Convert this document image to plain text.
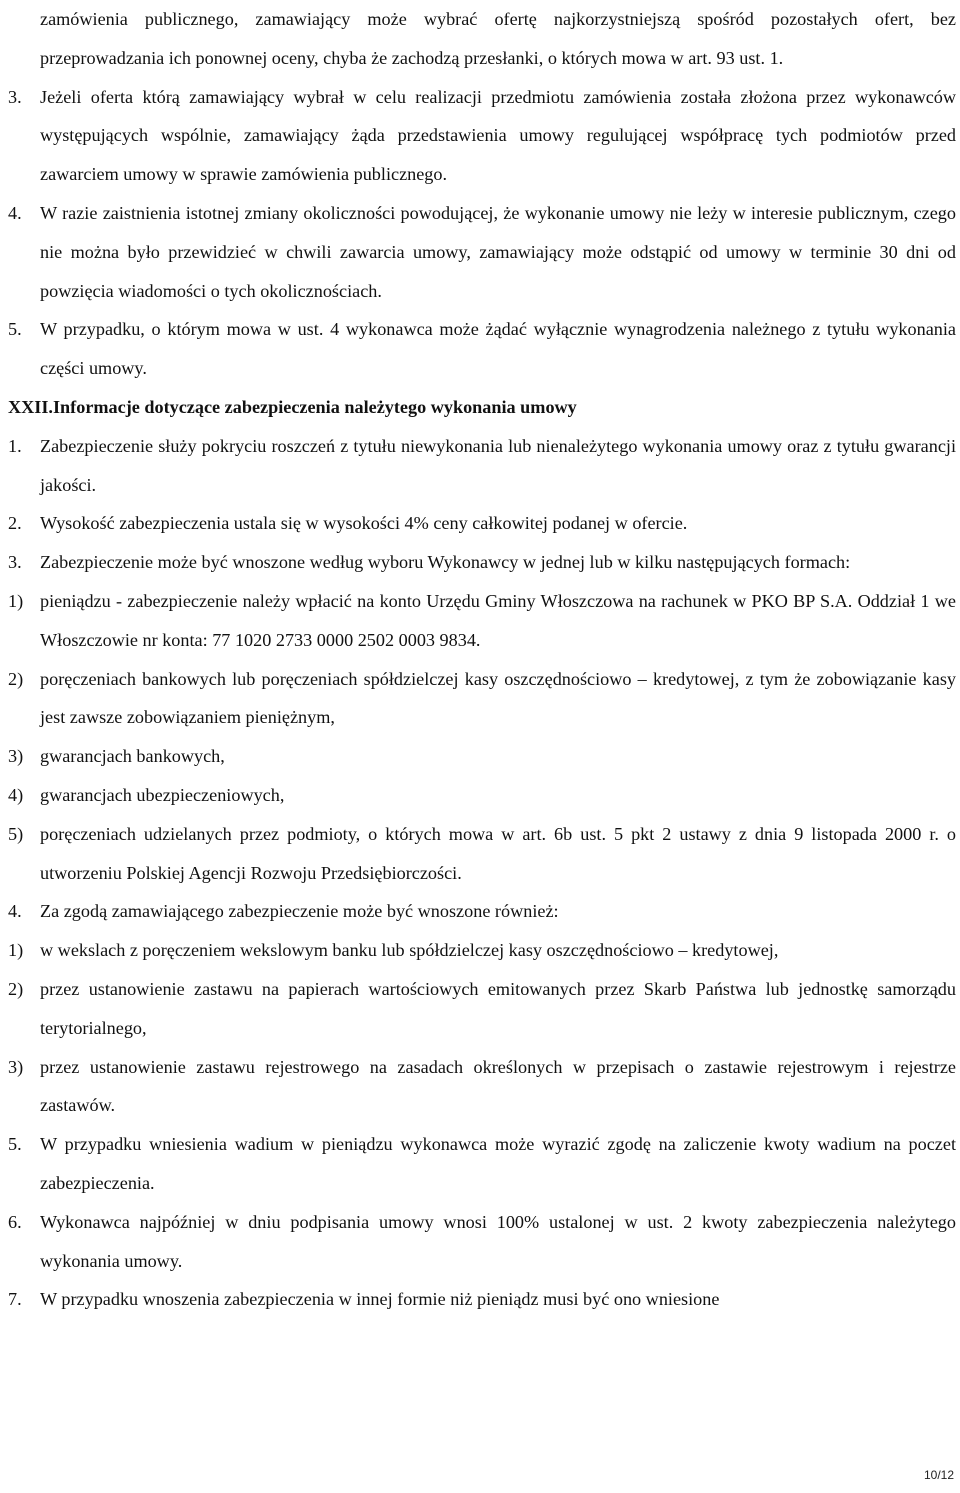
zamówienia publicznego, zamawiający może wybrać ofertę najkorzystniejszą spośród pozostałych ofert, bez przeprowadzania ich ponownej oceny, chyba że zachodzą przesłanki, o których mowa w art. 93 ust. 1.
3. Jeżeli oferta którą zamawiający wybrał w celu realizacji przedmiotu zamówienia została złożona przez wykonawców występujących wspólnie, zamawiający żąda przedstawienia umowy regulującej współpracę tych podmiotów przed zawarciem umowy w sprawie zamówienia publicznego.
4. W razie zaistnienia istotnej zmiany okoliczności powodującej, że wykonanie umowy nie leży w interesie publicznym, czego nie można było przewidzieć w chwili zawarcia umowy, zamawiający może odstąpić od umowy w terminie 30 dni od powzięcia wiadomości o tych okolicznościach.
5. W przypadku, o którym mowa w ust. 4 wykonawca może żądać wyłącznie wynagrodzenia należnego z tytułu wykonania części umowy.
XXII.Informacje dotyczące zabezpieczenia należytego wykonania umowy
1. Zabezpieczenie służy pokryciu roszczeń z tytułu niewykonania lub nienależytego wykonania umowy oraz z tytułu gwarancji jakości.
2. Wysokość zabezpieczenia ustala się w wysokości 4% ceny całkowitej podanej w ofercie.
3. Zabezpieczenie może być wnoszone według wyboru Wykonawcy w jednej lub w kilku następujących formach:
1) pieniądzu - zabezpieczenie należy wpłacić na konto Urzędu Gminy Włoszczowa na rachunek w PKO BP S.A. Oddział 1 we Włoszczowie nr konta: 77 1020 2733 0000 2502 0003 9834.
2) poręczeniach bankowych lub poręczeniach spółdzielczej kasy oszczędnościowo – kredytowej, z tym że zobowiązanie kasy jest zawsze zobowiązaniem pieniężnym,
3) gwarancjach bankowych,
4) gwarancjach ubezpieczeniowych,
5) poręczeniach udzielanych przez podmioty, o których mowa w art. 6b ust. 5 pkt 2 ustawy z dnia 9 listopada 2000 r. o utworzeniu Polskiej Agencji Rozwoju Przedsiębiorczości.
4. Za zgodą zamawiającego zabezpieczenie może być wnoszone również:
1) w wekslach z poręczeniem wekslowym banku lub spółdzielczej kasy oszczędnościowo – kredytowej,
2) przez ustanowienie zastawu na papierach wartościowych emitowanych przez Skarb Państwa lub jednostkę samorządu terytorialnego,
3) przez ustanowienie zastawu rejestrowego na zasadach określonych w przepisach o zastawie rejestrowym i rejestrze zastawów.
5. W przypadku wniesienia wadium w pieniądzu wykonawca może wyrazić zgodę na zaliczenie kwoty wadium na poczet zabezpieczenia.
6. Wykonawca najpóźniej w dniu podpisania umowy wnosi 100% ustalonej w ust. 2 kwoty zabezpieczenia należytego wykonania umowy.
7. W przypadku wnoszenia zabezpieczenia w innej formie niż pieniądz musi być ono wniesione
10/12
